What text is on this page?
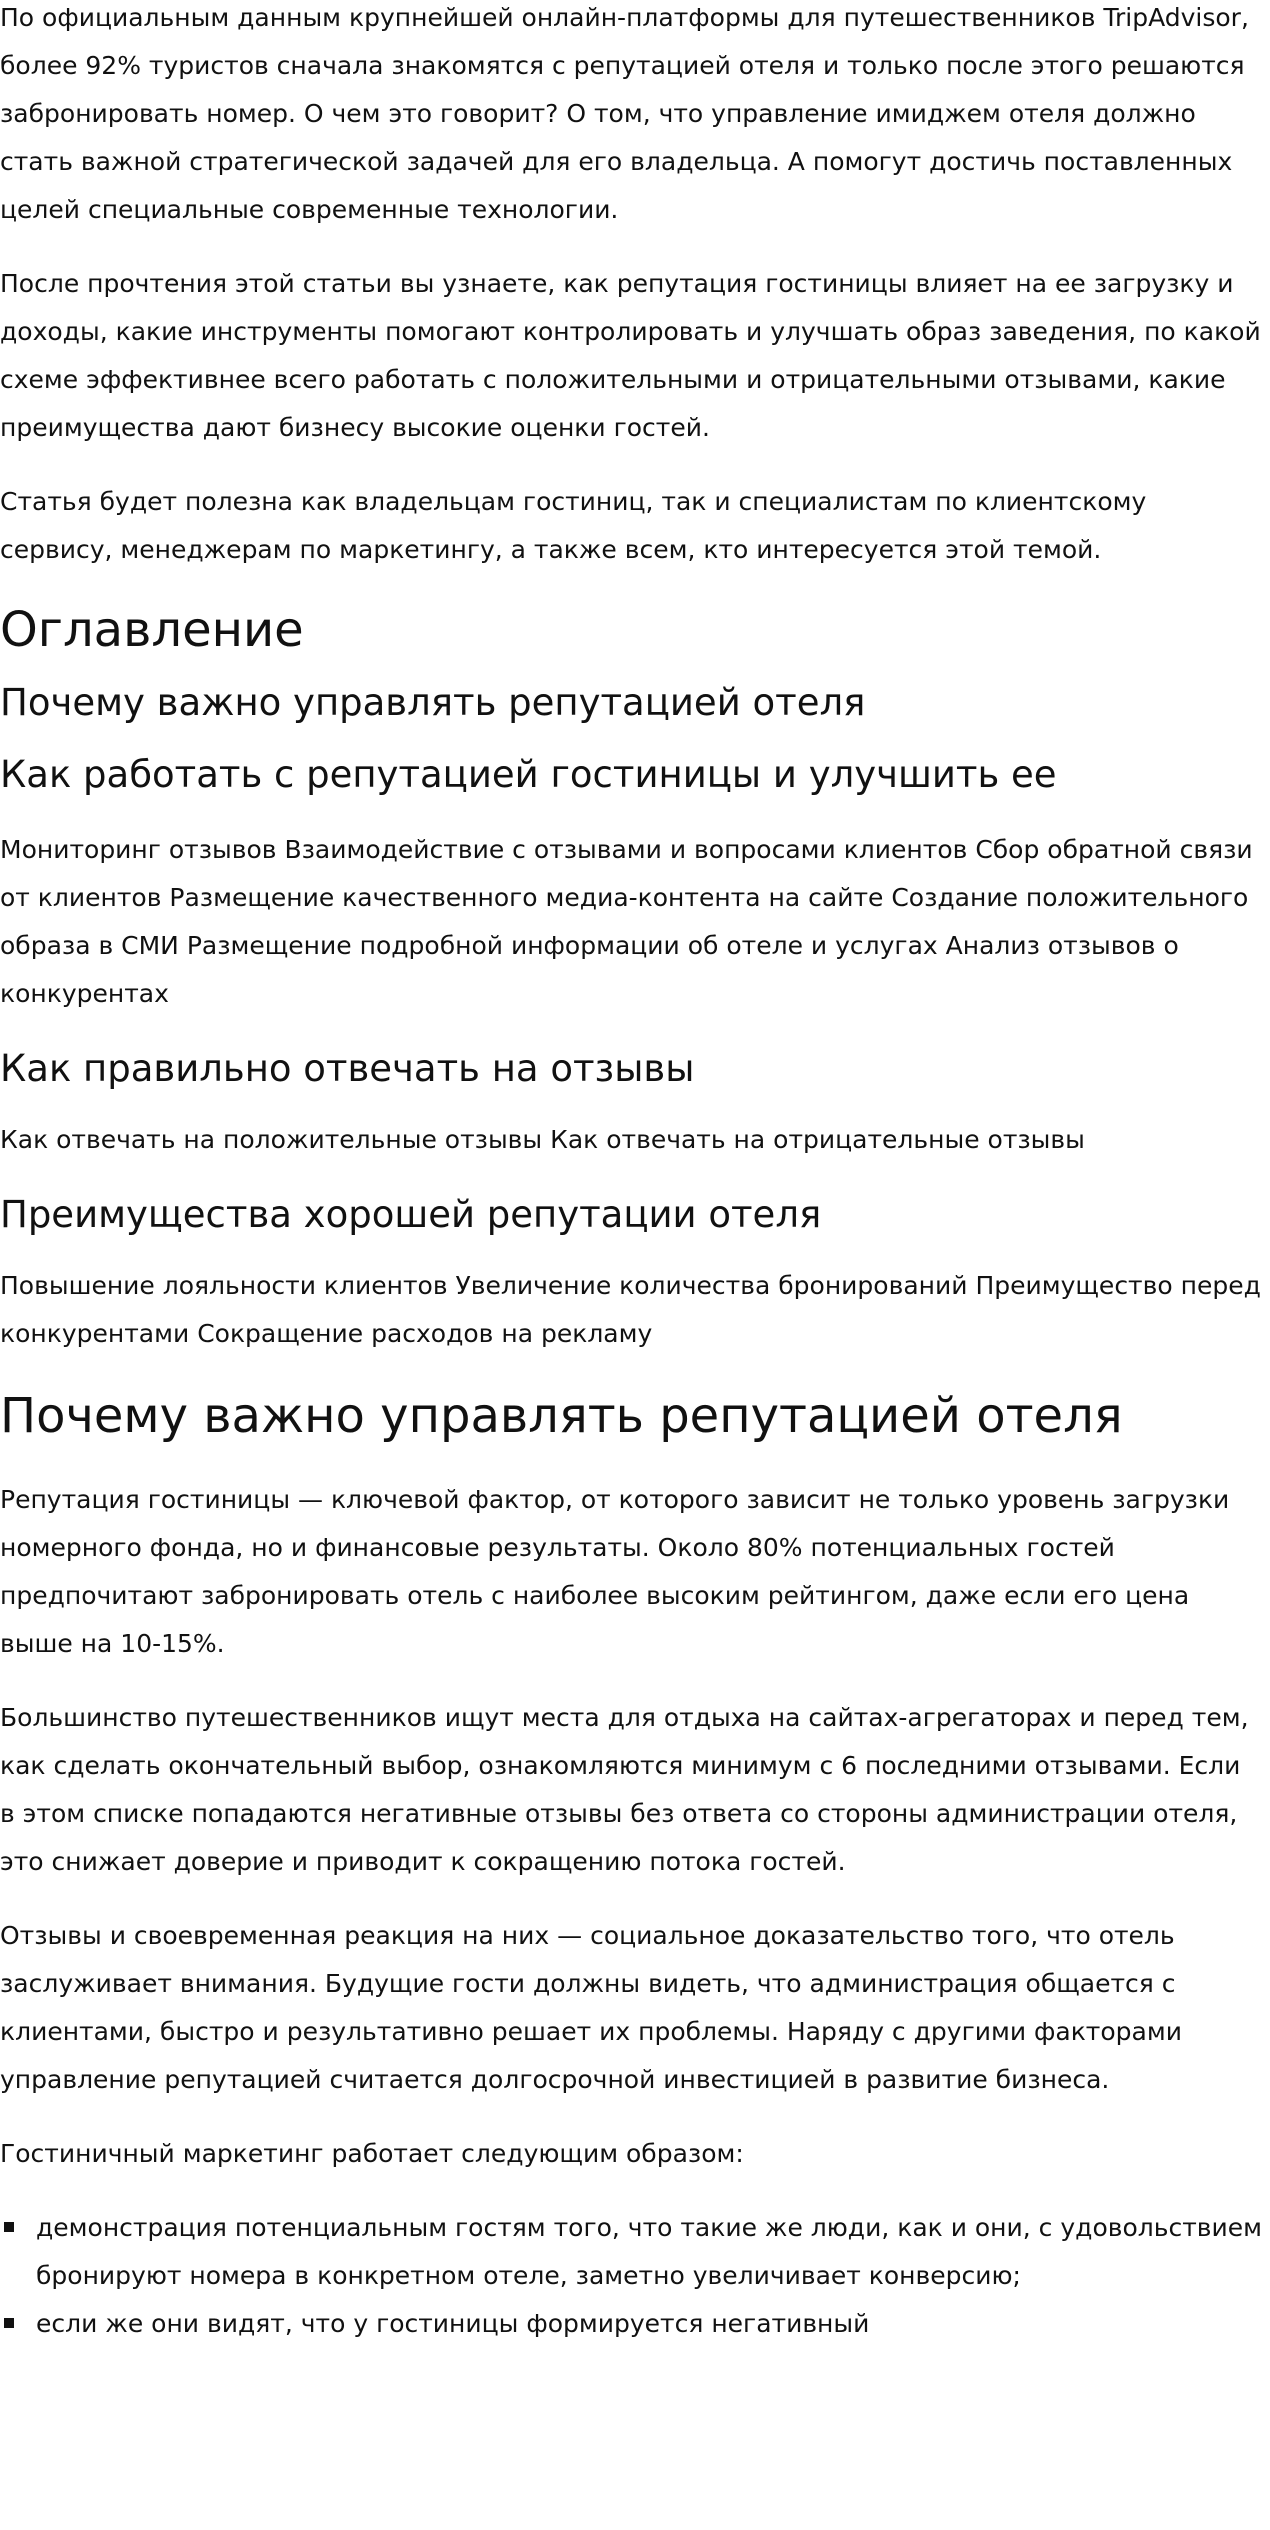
По официальным данным крупнейшей онлайн-платформы для путешественников TripAdvisor, более 92% туристов сначала знакомятся с репутацией отеля и только после этого решаются забронировать номер. О чем это говорит? О том, что управление имиджем отеля должно стать важной стратегической задачей для его владельца. А помогут достичь поставленных целей специальные современные технологии.

После прочтения этой статьи вы узнаете, как репутация гостиницы влияет на ее загрузку и доходы, какие инструменты помогают контролировать и улучшать образ заведения, по какой схеме эффективнее всего работать с положительными и отрицательными отзывами, какие преимущества дают бизнесу высокие оценки гостей.

Статья будет полезна как владельцам гостиниц, так и специалистам по клиентскому сервису, менеджерам по маркетингу, а также всем, кто интересуется этой темой.

Оглавление
Почему важно управлять репутацией отеля
Как работать с репутацией гостиницы и улучшить ее
Мониторинг отзывов Взаимодействие с отзывами и вопросами клиентов Сбор обратной связи от клиентов Размещение качественного медиа-контента на сайте Создание положительного образа в СМИ Размещение подробной информации об отеле и услугах Анализ отзывов о конкурентах
Как правильно отвечать на отзывы
Как отвечать на положительные отзывы Как отвечать на отрицательные отзывы
Преимущества хорошей репутации отеля
Повышение лояльности клиентов Увеличение количества бронирований Преимущество перед конкурентами Сокращение расходов на рекламу
Почему важно управлять репутацией отеля

Репутация гостиницы — ключевой фактор, от которого зависит не только уровень загрузки номерного фонда, но и финансовые результаты. Около 80% потенциальных гостей предпочитают забронировать отель с наиболее высоким рейтингом, даже если его цена выше на 10-15%.

Большинство путешественников ищут места для отдыха на сайтах-агрегаторах и перед тем, как сделать окончательный выбор, ознакомляются минимум с 6 последними отзывами. Если в этом списке попадаются негативные отзывы без ответа со стороны администрации отеля, это снижает доверие и приводит к сокращению потока гостей.

Отзывы и своевременная реакция на них — социальное доказательство того, что отель заслуживает внимания. Будущие гости должны видеть, что администрация общается с клиентами, быстро и результативно решает их проблемы. Наряду с другими факторами управление репутацией считается долгосрочной инвестицией в развитие бизнеса.

Гостиничный маркетинг работает следующим образом:

демонстрация потенциальным гостям того, что такие же люди, как и они, с удовольствием бронируют номера в конкретном отеле, заметно увеличивает конверсию;
если же они видят, что у гостиницы формируется негативный
